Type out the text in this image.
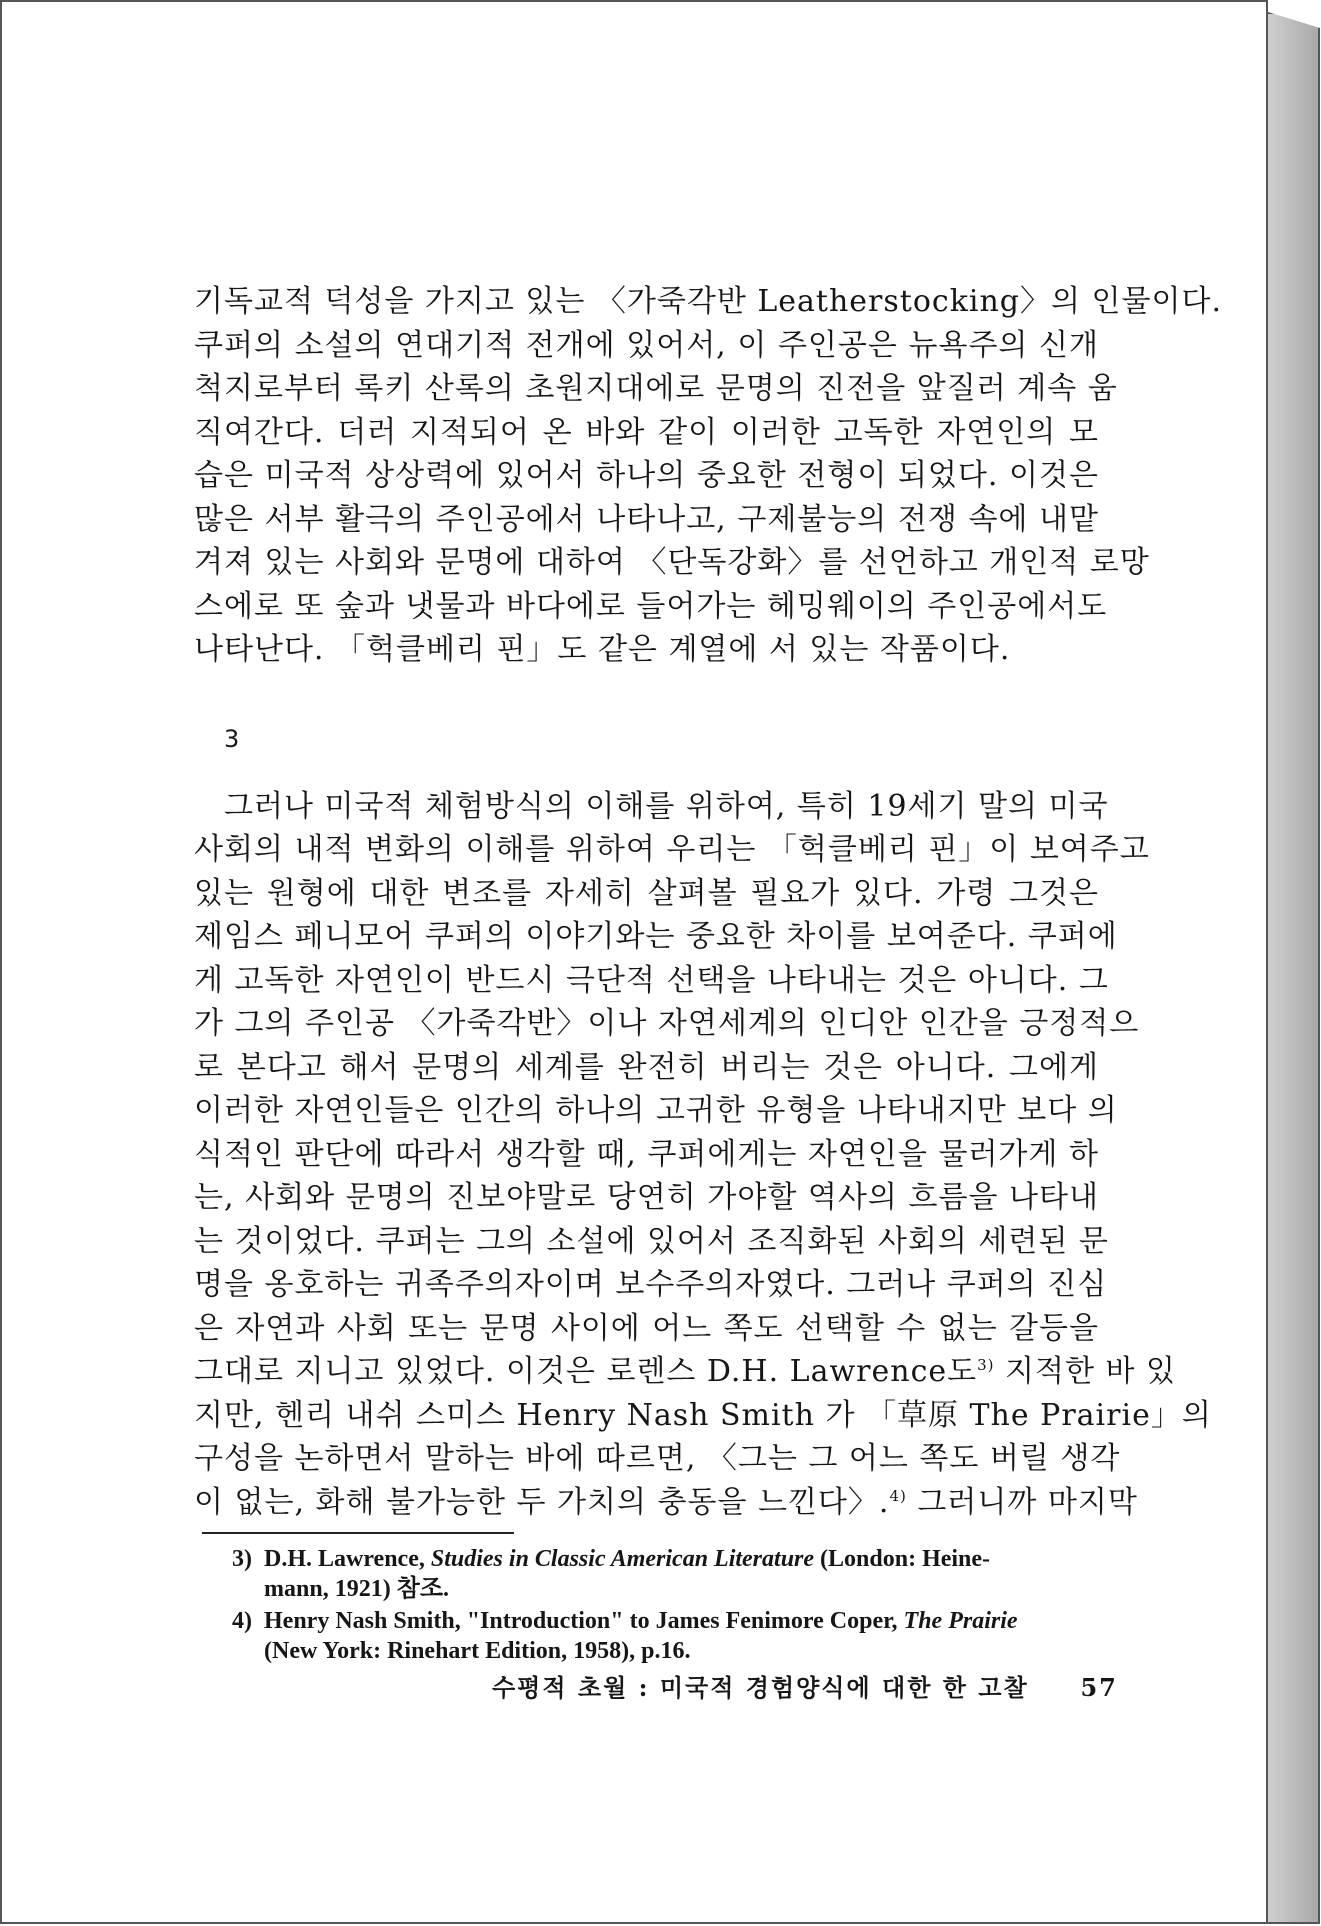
기독교적 덕성을 가지고 있는 〈가죽각반 Leatherstocking〉의 인물이다.
쿠퍼의 소설의 연대기적 전개에 있어서, 이 주인공은 뉴욕주의 신개
척지로부터 록키 산록의 초원지대에로 문명의 진전을 앞질러 계속 움
직여간다. 더러 지적되어 온 바와 같이 이러한 고독한 자연인의 모
습은 미국적 상상력에 있어서 하나의 중요한 전형이 되었다. 이것은
많은 서부 활극의 주인공에서 나타나고, 구제불능의 전쟁 속에 내맡
겨져 있는 사회와 문명에 대하여 〈단독강화〉를 선언하고 개인적 로망
스에로 또 숲과 냇물과 바다에로 들어가는 헤밍웨이의 주인공에서도
나타난다. 「헉클베리 핀」도 같은 계열에 서 있는 작품이다.
3
그러나 미국적 체험방식의 이해를 위하여, 특히 19세기 말의 미국
사회의 내적 변화의 이해를 위하여 우리는 「헉클베리 핀」이 보여주고
있는 원형에 대한 변조를 자세히 살펴볼 필요가 있다. 가령 그것은
제임스 페니모어 쿠퍼의 이야기와는 중요한 차이를 보여준다. 쿠퍼에
게 고독한 자연인이 반드시 극단적 선택을 나타내는 것은 아니다. 그
가 그의 주인공 〈가죽각반〉이나 자연세계의 인디안 인간을 긍정적으
로 본다고 해서 문명의 세계를 완전히 버리는 것은 아니다. 그에게
이러한 자연인들은 인간의 하나의 고귀한 유형을 나타내지만 보다 의
식적인 판단에 따라서 생각할 때, 쿠퍼에게는 자연인을 물러가게 하
는, 사회와 문명의 진보야말로 당연히 가야할 역사의 흐름을 나타내
는 것이었다. 쿠퍼는 그의 소설에 있어서 조직화된 사회의 세련된 문
명을 옹호하는 귀족주의자이며 보수주의자였다. 그러나 쿠퍼의 진심
은 자연과 사회 또는 문명 사이에 어느 쪽도 선택할 수 없는 갈등을
그대로 지니고 있었다. 이것은 로렌스 D.H. Lawrence도$^{3)}$ 지적한 바 있
지만, 헨리 내쉬 스미스 Henry Nash Smith 가 「草原 The Prairie」의
구성을 논하면서 말하는 바에 따르면, 〈그는 그 어느 쪽도 버릴 생각
이 없는, 화해 불가능한 두 가치의 충동을 느낀다〉.$^{4)}$ 그러니까 마지막
3) D.H. Lawrence, Studies in Classic American Literature (London: Heine-
mann, 1921) 참조.
4) Henry Nash Smith, "Introduction" to James Fenimore Coper, The Prairie
(New York: Rinehart Edition, 1958), p.16.
수평적 초월 : 미국적 경험양식에 대한 한 고찰 57
